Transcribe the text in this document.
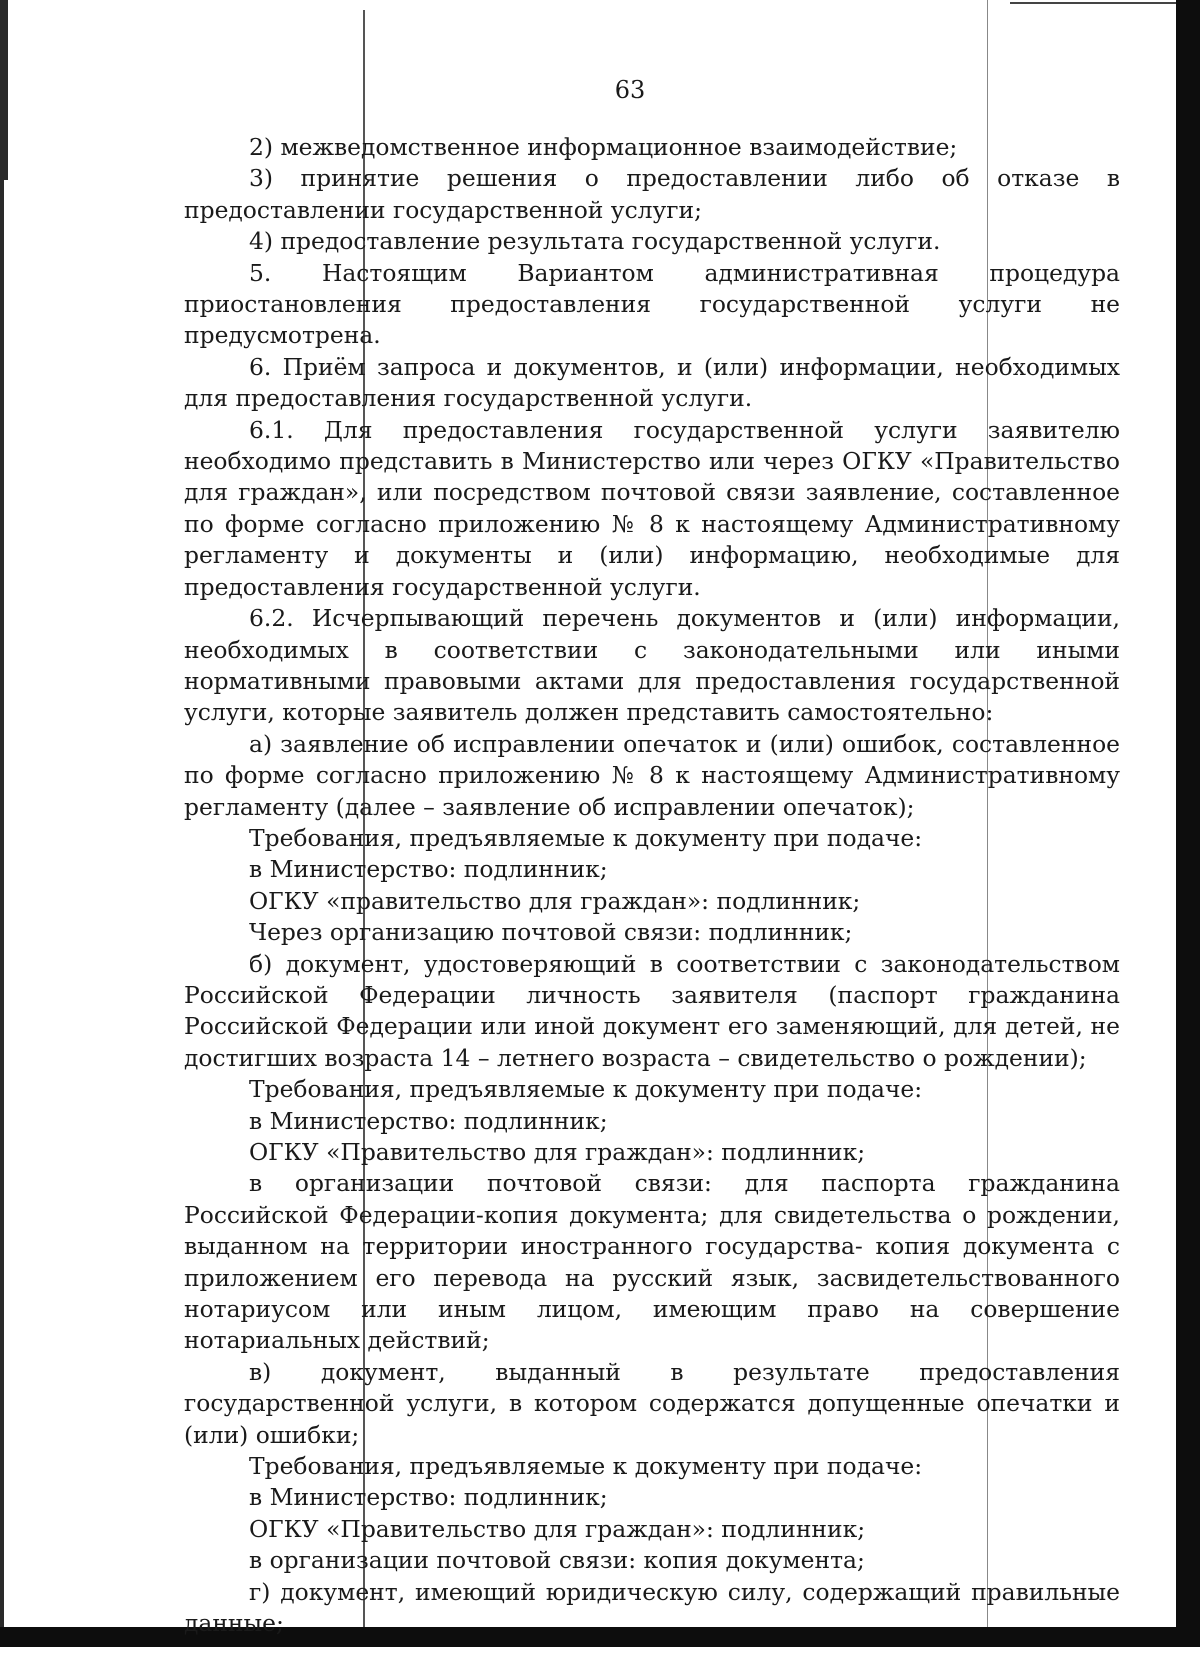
63

2) межведомственное информационное взаимодействие;

3) принятие решения о предоставлении либо об отказе в предоставлении государственной услуги;

4) предоставление результата государственной услуги.

5. Настоящим Вариантом административная процедура приостановления предоставления государственной услуги не предусмотрена.

6. Приём запроса и документов, и (или) информации, необходимых для предоставления государственной услуги.

6.1. Для предоставления государственной услуги заявителю необходимо представить в Министерство или через ОГКУ «Правительство для граждан», или посредством почтовой связи заявление, составленное по форме согласно приложению № 8 к настоящему Административному регламенту и документы и (или) информацию, необходимые для предоставления государственной услуги.

6.2. Исчерпывающий перечень документов и (или) информации, необходимых в соответствии с законодательными или иными нормативными правовыми актами для предоставления государственной услуги, которые заявитель должен представить самостоятельно:

а) заявление об исправлении опечаток и (или) ошибок, составленное по форме согласно приложению № 8 к настоящему Административному регламенту (далее – заявление об исправлении опечаток);

Требования, предъявляемые к документу при подаче:

в Министерство: подлинник;

ОГКУ «правительство для граждан»: подлинник;

Через организацию почтовой связи: подлинник;

б) документ, удостоверяющий в соответствии с законодательством Российской Федерации личность заявителя (паспорт гражданина Российской Федерации или иной документ его заменяющий, для детей, не достигших возраста 14 – летнего возраста – свидетельство о рождении);

Требования, предъявляемые к документу при подаче:

в Министерство: подлинник;

ОГКУ «Правительство для граждан»: подлинник;

в организации почтовой связи: для паспорта гражданина Российской Федерации-копия документа; для свидетельства о рождении, выданном на территории иностранного государства- копия документа с приложением его перевода на русский язык, засвидетельствованного нотариусом или иным лицом, имеющим право на совершение нотариальных действий;

в) документ, выданный в результате предоставления государственной услуги, в котором содержатся допущенные опечатки и (или) ошибки;

Требования, предъявляемые к документу при подаче:

в Министерство: подлинник;

ОГКУ «Правительство для граждан»: подлинник;

в организации почтовой связи: копия документа;

г) документ, имеющий юридическую силу, содержащий правильные данные;
